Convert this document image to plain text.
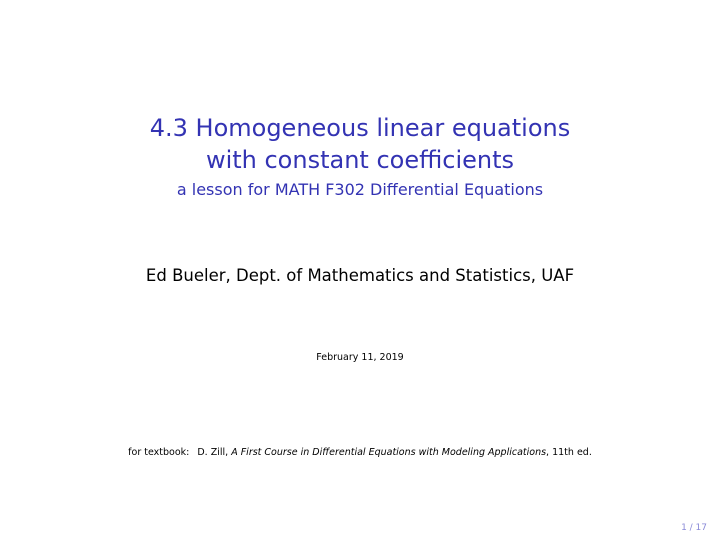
4.3 Homogeneous linear equations
with constant coefficients
a lesson for MATH F302 Differential Equations
Ed Bueler, Dept. of Mathematics and Statistics, UAF
February 11, 2019
for textbook: D. Zill, A First Course in Differential Equations with Modeling Applications, 11th ed.
1 / 17
